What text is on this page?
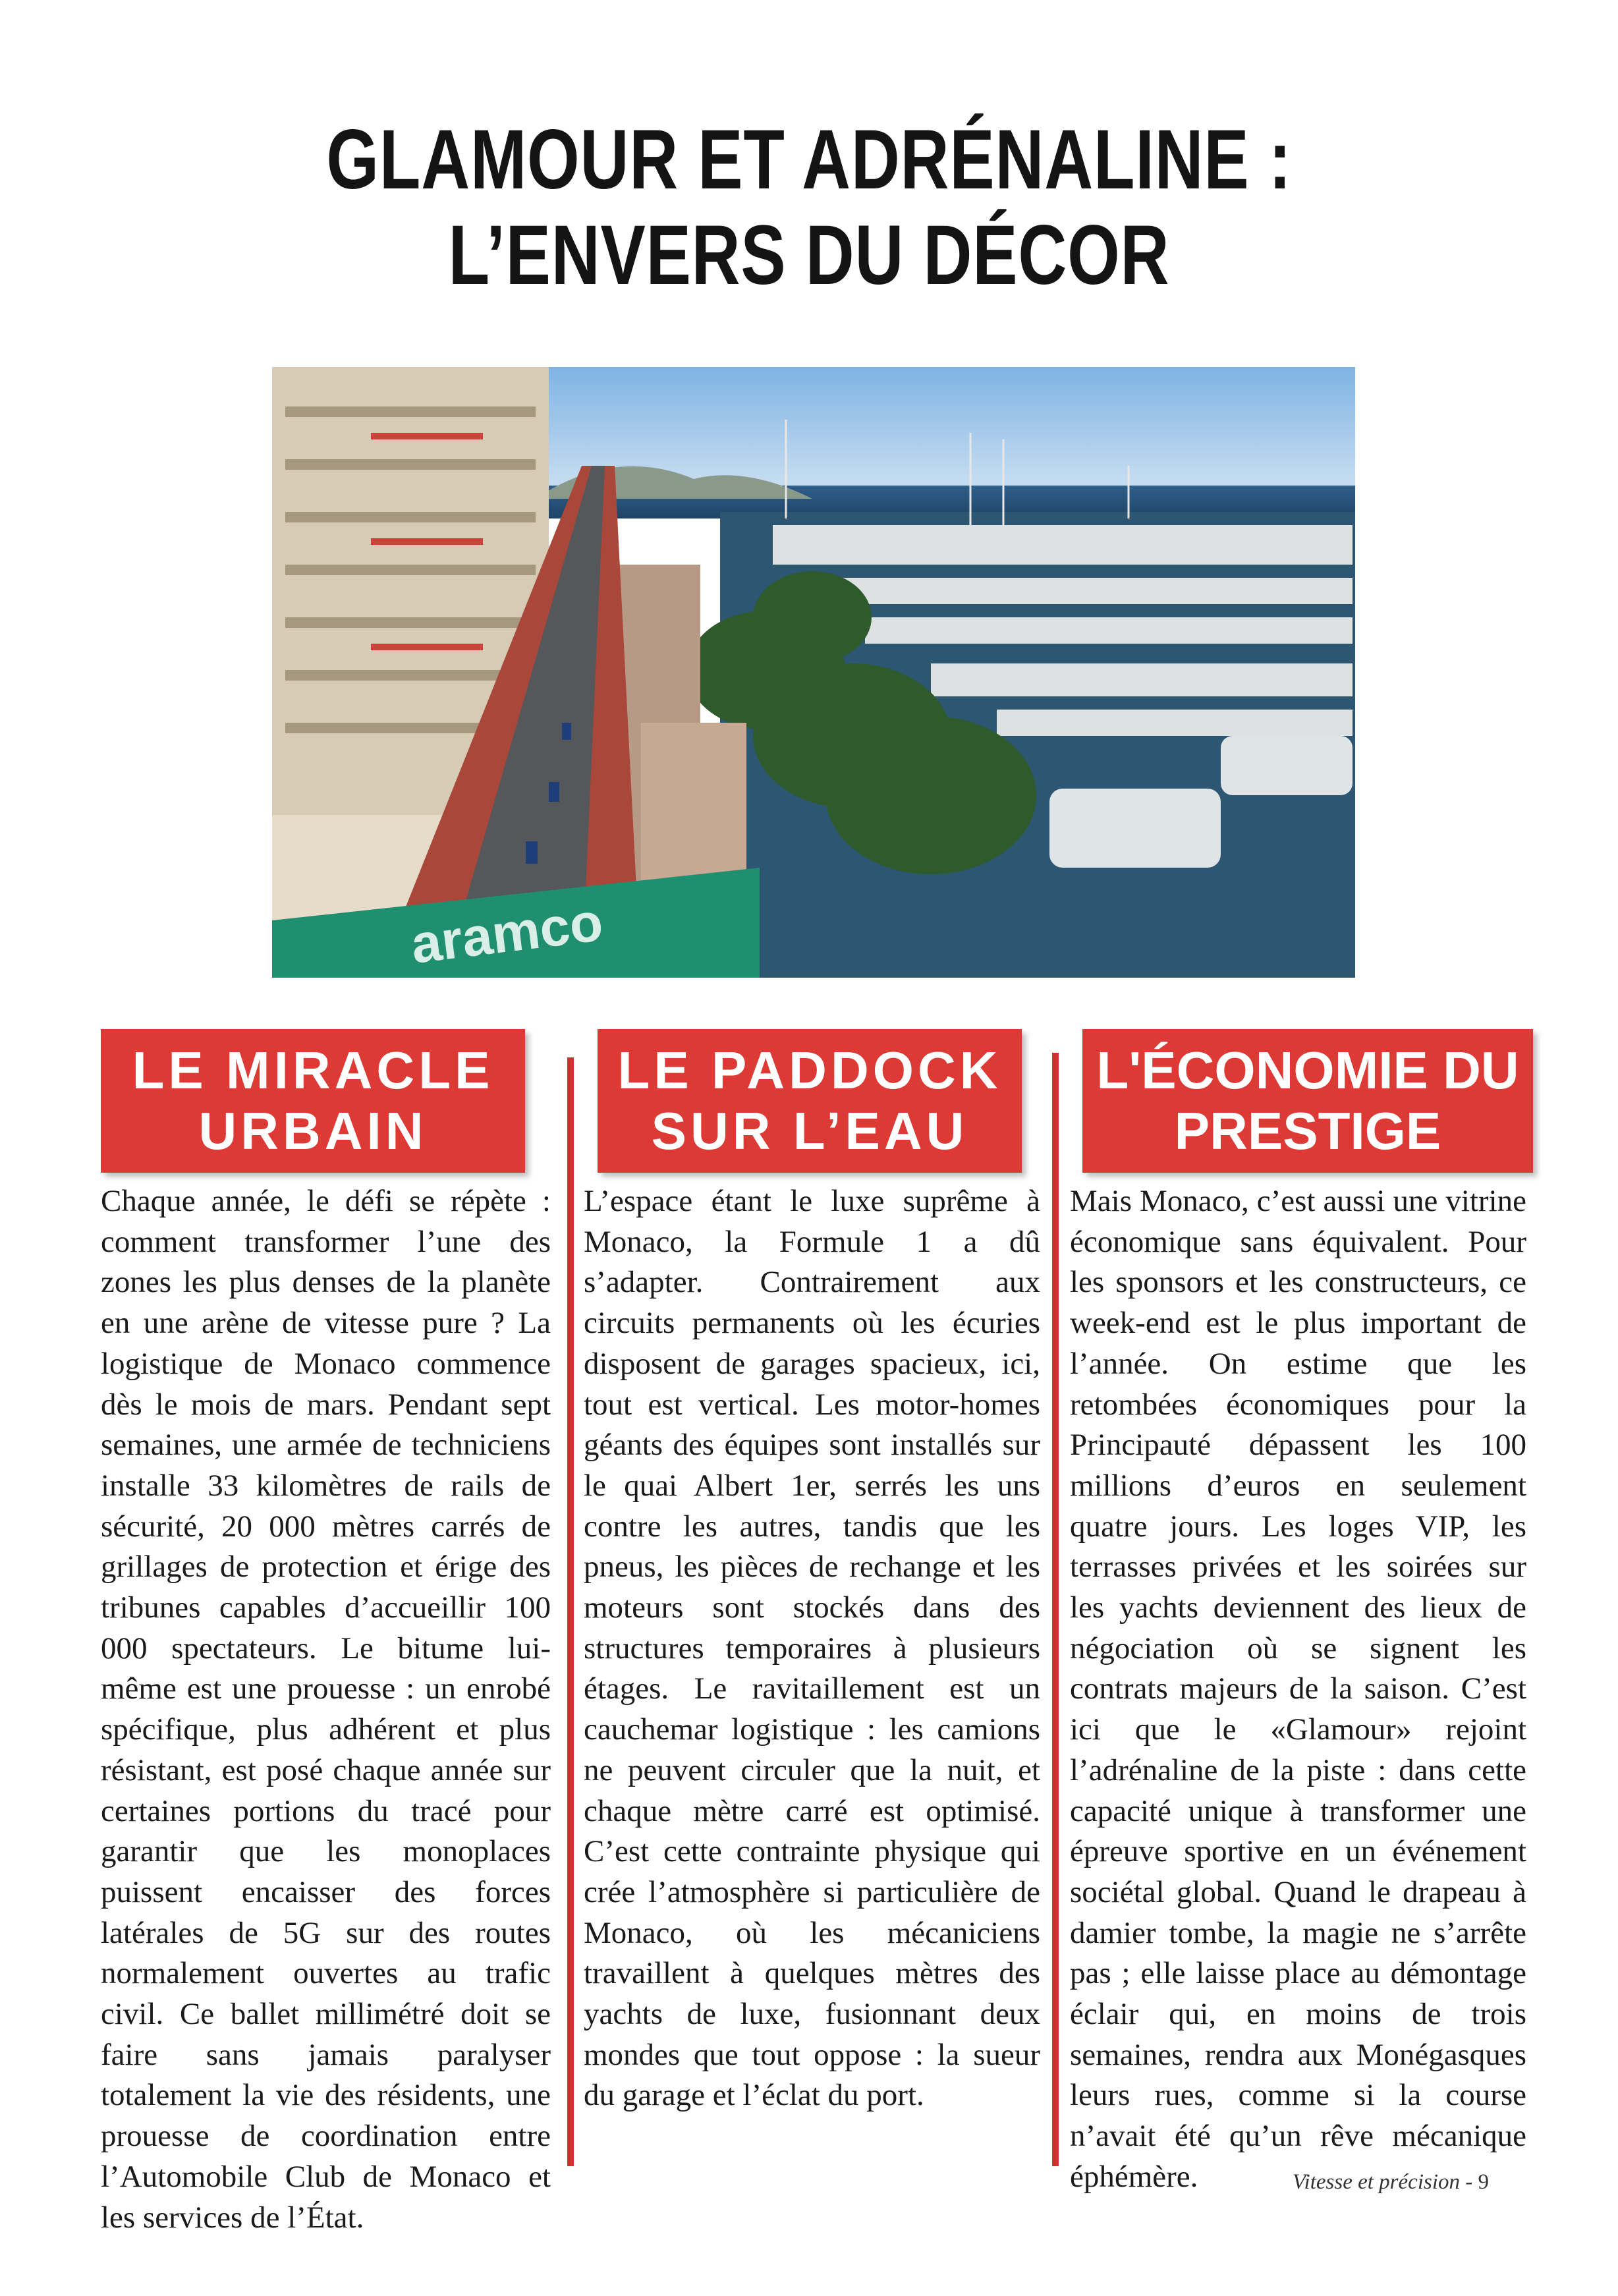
GLAMOUR ET ADRÉNALINE :
L’ENVERS DU DÉCOR
aramco
LE MIRACLE
URBAIN
LE PADDOCK
SUR L’EAU
L'ÉCONOMIE DU
PRESTIGE

Chaque année, le défi se répète : comment transformer l’une des zones les plus denses de la planète en une arène de vitesse pure ? La logistique de Monaco commence dès le mois de mars. Pendant sept semaines, une armée de techniciens installe 33 kilomètres de rails de sécurité, 20 000 mètres carrés de grillages de protection et érige des tribunes capables d’accueillir 100 000 spectateurs. Le bitume lui-même est une prouesse : un enrobé spécifique, plus adhérent et plus résistant, est posé chaque année sur certaines portions du tracé pour garantir que les monoplaces puissent encaisser des forces latérales de 5G sur des routes normalement ouvertes au trafic civil. Ce ballet millimétré doit se faire sans jamais paralyser totalement la vie des résidents, une prouesse de coordination entre l’Automobile Club de Monaco et les services de l’État.

L’espace étant le luxe suprême à Monaco, la Formule 1 a dû s’adapter. Contrairement aux circuits permanents où les écuries disposent de garages spacieux, ici, tout est vertical. Les motor-homes géants des équipes sont installés sur le quai Albert 1er, serrés les uns contre les autres, tandis que les pneus, les pièces de rechange et les moteurs sont stockés dans des structures temporaires à plusieurs étages. Le ravitaillement est un cauchemar logistique : les camions ne peuvent circuler que la nuit, et chaque mètre carré est optimisé. C’est cette contrainte physique qui crée l’atmosphère si particulière de Monaco, où les mécaniciens travaillent à quelques mètres des yachts de luxe, fusionnant deux mondes que tout oppose : la sueur du garage et l’éclat du port.

Mais Monaco, c’est aussi une vitrine économique sans équivalent. Pour les sponsors et les constructeurs, ce week-end est le plus important de l’année. On estime que les retombées économiques pour la Principauté dépassent les 100 millions d’euros en seulement quatre jours. Les loges VIP, les terrasses privées et les soirées sur les yachts deviennent des lieux de négociation où se signent les contrats majeurs de la saison. C’est ici que le «Glamour» rejoint l’adrénaline de la piste : dans cette capacité unique à transformer une épreuve sportive en un événement sociétal global. Quand le drapeau à damier tombe, la magie ne s’arrête pas ; elle laisse place au démontage éclair qui, en moins de trois semaines, rendra aux Monégasques leurs rues, comme si la course n’avait été qu’un rêve mécanique éphémère.	Vitesse et précision - 9
